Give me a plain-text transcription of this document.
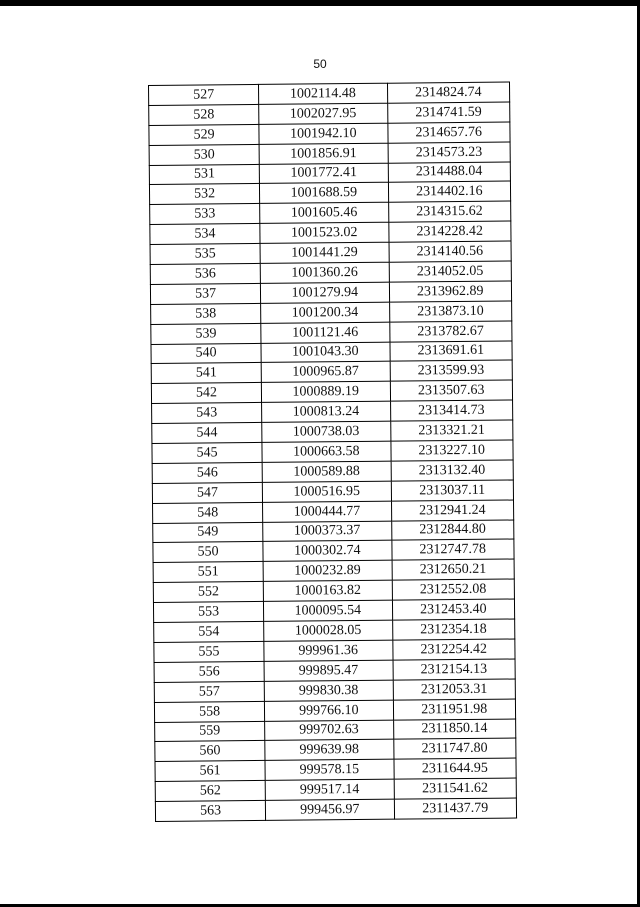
50
527	1002114.48	2314824.74
528	1002027.95	2314741.59
529	1001942.10	2314657.76
530	1001856.91	2314573.23
531	1001772.41	2314488.04
532	1001688.59	2314402.16
533	1001605.46	2314315.62
534	1001523.02	2314228.42
535	1001441.29	2314140.56
536	1001360.26	2314052.05
537	1001279.94	2313962.89
538	1001200.34	2313873.10
539	1001121.46	2313782.67
540	1001043.30	2313691.61
541	1000965.87	2313599.93
542	1000889.19	2313507.63
543	1000813.24	2313414.73
544	1000738.03	2313321.21
545	1000663.58	2313227.10
546	1000589.88	2313132.40
547	1000516.95	2313037.11
548	1000444.77	2312941.24
549	1000373.37	2312844.80
550	1000302.74	2312747.78
551	1000232.89	2312650.21
552	1000163.82	2312552.08
553	1000095.54	2312453.40
554	1000028.05	2312354.18
555	999961.36	2312254.42
556	999895.47	2312154.13
557	999830.38	2312053.31
558	999766.10	2311951.98
559	999702.63	2311850.14
560	999639.98	2311747.80
561	999578.15	2311644.95
562	999517.14	2311541.62
563	999456.97	2311437.79
